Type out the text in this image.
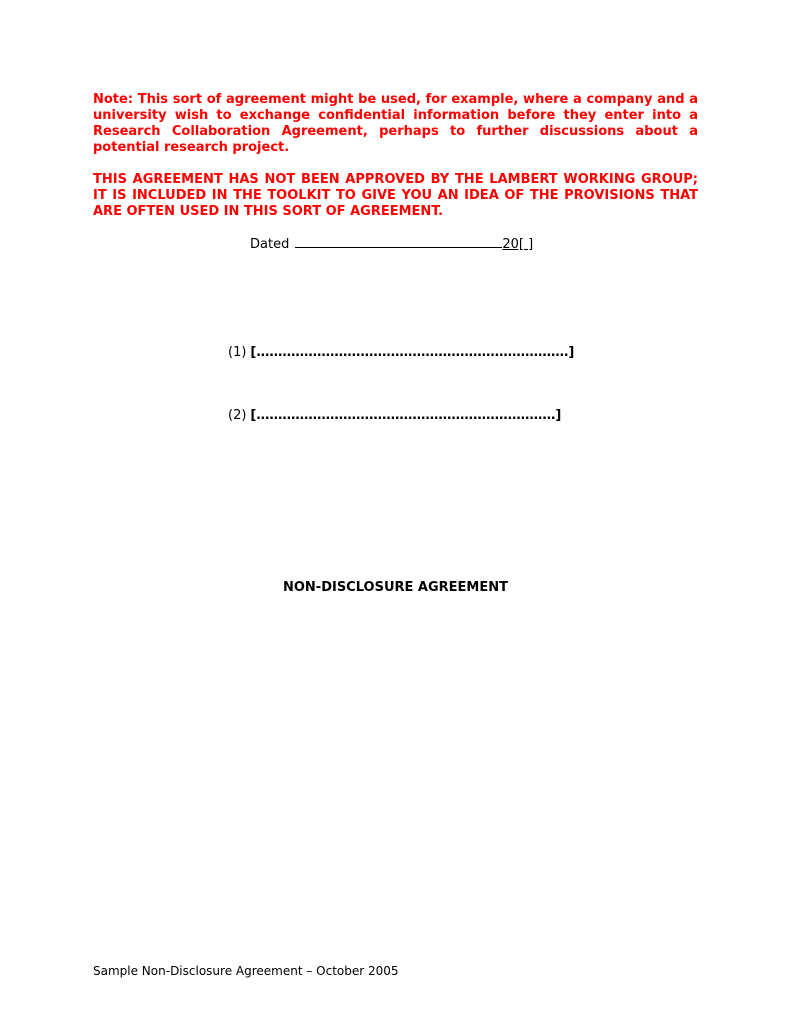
Note: This sort of agreement might be used, for example, where a company and a university wish to exchange confidential information before they enter into a Research Collaboration Agreement, perhaps to further discussions about a potential research project.

THIS AGREEMENT HAS NOT BEEN APPROVED BY THE LAMBERT WORKING GROUP; IT IS INCLUDED IN THE TOOLKIT TO GIVE YOU AN IDEA OF THE PROVISIONS THAT ARE OFTEN USED IN THIS SORT OF AGREEMENT.

Dated	20[ ]
(1) [………………………………………………………………]
(2) [……………………………………………………………]
NON-DISCLOSURE AGREEMENT
Sample Non-Disclosure Agreement – October 2005
